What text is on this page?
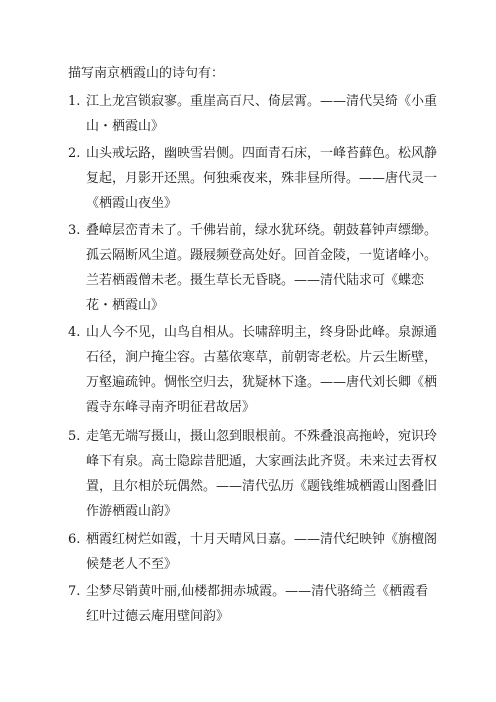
描写南京栖霞山的诗句有：
1. 江上龙宫锁寂寥。重崖高百尺、倚层霄。——清代吴绮《小重
山・栖霞山》
2. 山头戒坛路，幽映雪岩侧。四面青石床，一峰苔藓色。松风静
复起，月影开还黑。何独乘夜来，殊非昼所得。——唐代灵一
《栖霞山夜坐》
3. 叠嶂层峦青未了。千佛岩前，绿水犹环绕。朝鼓暮钟声缥缈。
孤云隔断风尘道。蹑屐频登高处好。回首金陵，一览诸峰小。
兰若栖霞僧未老。摄生草长无昏晓。——清代陆求可《蝶恋
花・栖霞山》
4. 山人今不见，山鸟自相从。长啸辞明主，终身卧此峰。泉源通
石径，涧户掩尘容。古墓依寒草，前朝寄老松。片云生断壁，
万壑遍疏钟。惆怅空归去，犹疑林下逢。——唐代刘长卿《栖
霞寺东峰寻南齐明征君故居》
5. 走笔无端写摄山，摄山忽到眼根前。不殊叠浪高拖岭，宛识玲
峰下有泉。高士隐踪昔肥遁，大家画法此齐贤。未来过去胥权
置，且尔相於玩偶然。——清代弘历《题钱维城栖霞山图叠旧
作游栖霞山韵》
6. 栖霞红树烂如霞，十月天晴风日嘉。——清代纪映钟《旃檀阁
候楚老人不至》
7. 尘梦尽销黄叶丽,仙楼都拥赤城霞。——清代骆绮兰《栖霞看
红叶过德云庵用壁间韵》
